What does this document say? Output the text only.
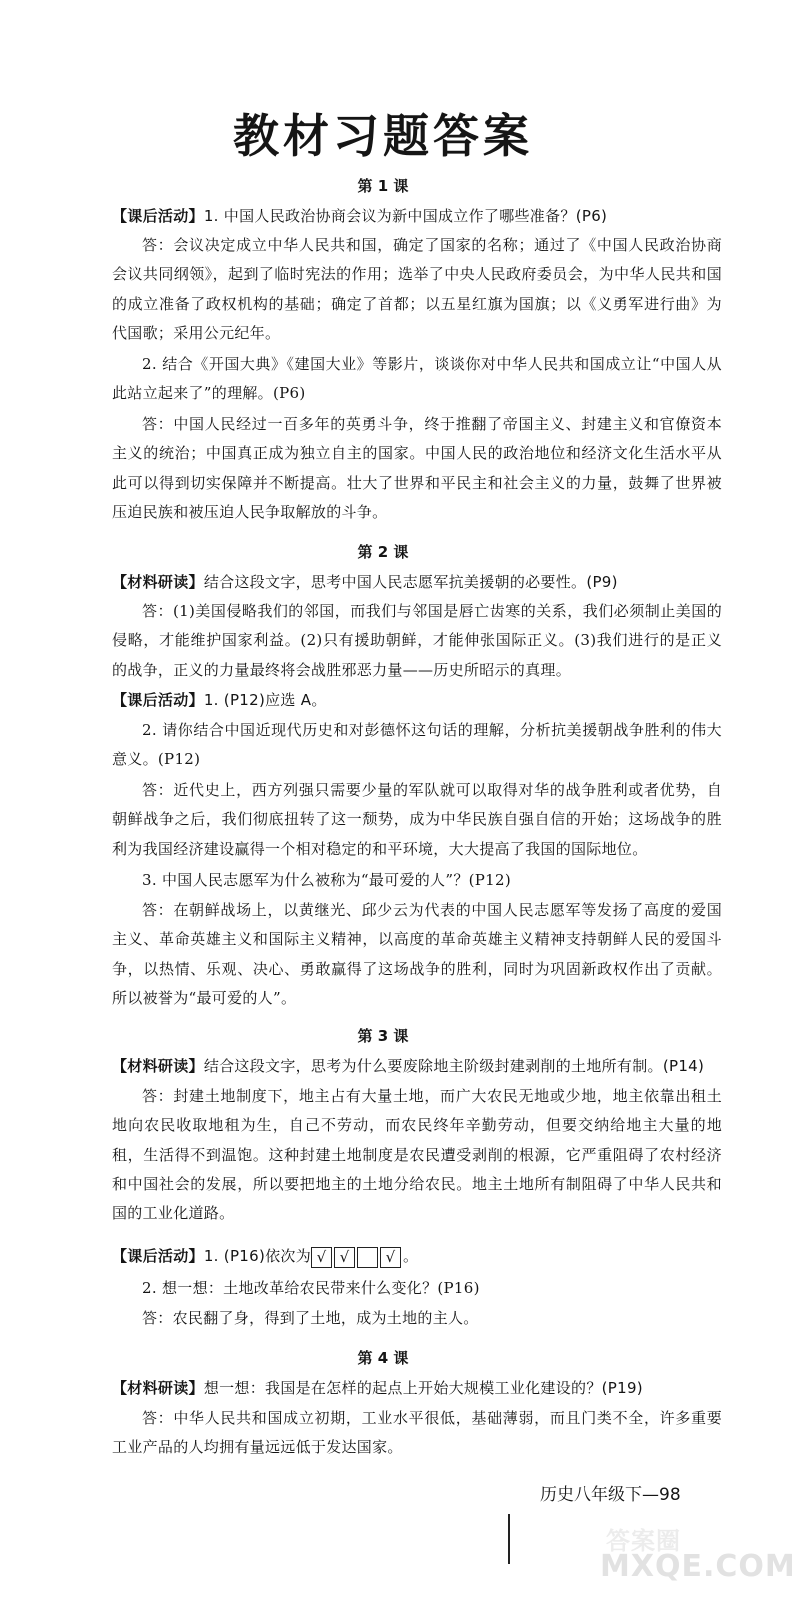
教材习题答案
第 1 课

【课后活动】1. 中国人民政治协商会议为新中国成立作了哪些准备？(P6)

答：会议决定成立中华人民共和国，确定了国家的名称；通过了《中国人民政治协商会议共同纲领》，起到了临时宪法的作用；选举了中央人民政府委员会，为中华人民共和国的成立准备了政权机构的基础；确定了首都；以五星红旗为国旗；以《义勇军进行曲》为代国歌；采用公元纪年。

2. 结合《开国大典》《建国大业》等影片，谈谈你对中华人民共和国成立让“中国人从此站立起来了”的理解。(P6)

答：中国人民经过一百多年的英勇斗争，终于推翻了帝国主义、封建主义和官僚资本主义的统治；中国真正成为独立自主的国家。中国人民的政治地位和经济文化生活水平从此可以得到切实保障并不断提高。壮大了世界和平民主和社会主义的力量，鼓舞了世界被压迫民族和被压迫人民争取解放的斗争。

第 2 课

【材料研读】结合这段文字，思考中国人民志愿军抗美援朝的必要性。(P9)

答：(1)美国侵略我们的邻国，而我们与邻国是唇亡齿寒的关系，我们必须制止美国的侵略，才能维护国家利益。(2)只有援助朝鲜，才能伸张国际正义。(3)我们进行的是正义的战争，正义的力量最终将会战胜邪恶力量——历史所昭示的真理。

【课后活动】1. (P12)应选 A。

2. 请你结合中国近现代历史和对彭德怀这句话的理解，分析抗美援朝战争胜利的伟大意义。(P12)

答：近代史上，西方列强只需要少量的军队就可以取得对华的战争胜利或者优势，自朝鲜战争之后，我们彻底扭转了这一颓势，成为中华民族自强自信的开始；这场战争的胜利为我国经济建设赢得一个相对稳定的和平环境，大大提高了我国的国际地位。

3. 中国人民志愿军为什么被称为“最可爱的人”？(P12)

答：在朝鲜战场上，以黄继光、邱少云为代表的中国人民志愿军等发扬了高度的爱国主义、革命英雄主义和国际主义精神，以高度的革命英雄主义精神支持朝鲜人民的爱国斗争，以热情、乐观、决心、勇敢赢得了这场战争的胜利，同时为巩固新政权作出了贡献。所以被誉为“最可爱的人”。

第 3 课

【材料研读】结合这段文字，思考为什么要废除地主阶级封建剥削的土地所有制。(P14)

答：封建土地制度下，地主占有大量土地，而广大农民无地或少地，地主依靠出租土地向农民收取地租为生，自己不劳动，而农民终年辛勤劳动，但要交纳给地主大量的地租，生活得不到温饱。这种封建土地制度是农民遭受剥削的根源，它严重阻碍了农村经济和中国社会的发展，所以要把地主的土地分给农民。地主土地所有制阻碍了中华人民共和国的工业化道路。

【课后活动】1. (P16)依次为 √ √ √ 。

2. 想一想：土地改革给农民带来什么变化？(P16)

答：农民翻了身，得到了土地，成为土地的主人。

第 4 课

【材料研读】想一想：我国是在怎样的起点上开始大规模工业化建设的？(P19)

答：中华人民共和国成立初期，工业水平很低，基础薄弱，而且门类不全，许多重要工业产品的人均拥有量远远低于发达国家。

历史八年级下—98
答案圈
MXQE.COM
